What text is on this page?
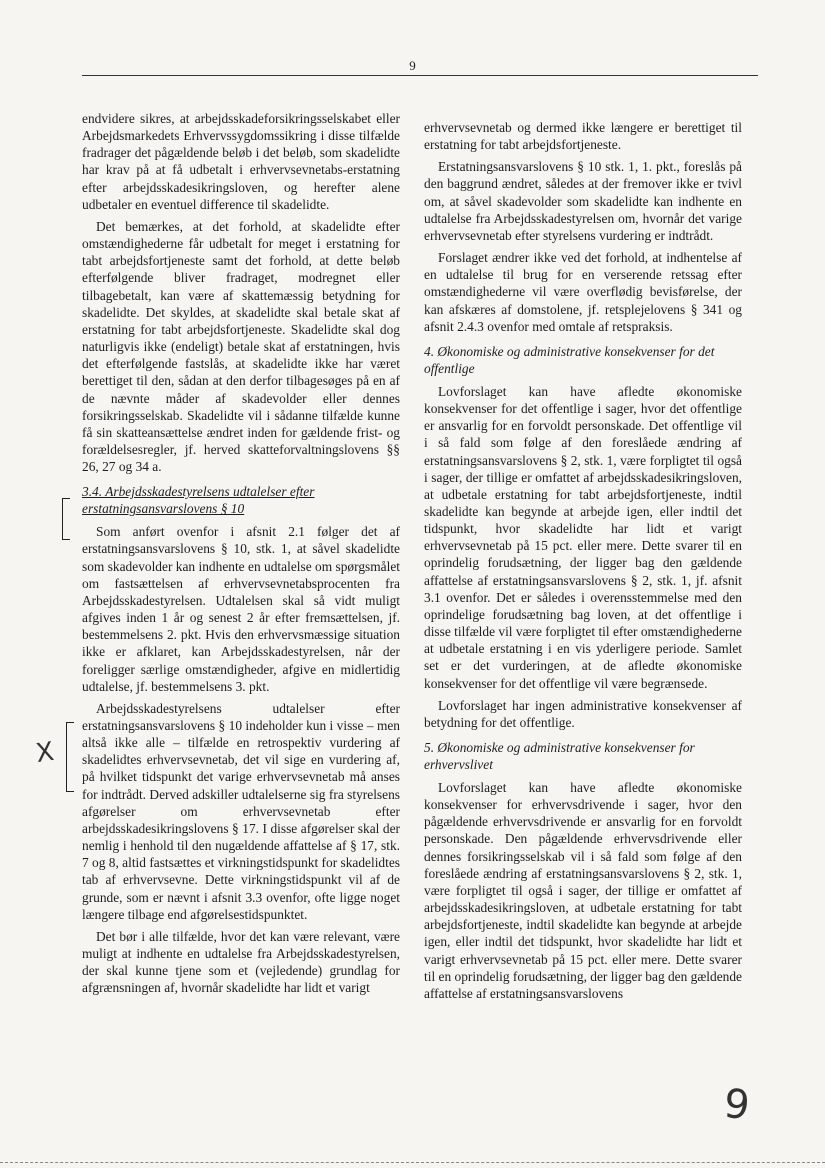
9

endvidere sikres, at arbejdsskadeforsikringsselskabet eller Arbejdsmarkedets Erhvervssygdomssikring i disse tilfælde fradrager det pågældende beløb i det beløb, som skadelidte har krav på at få udbetalt i erhvervsevnetabs-erstatning efter arbejdsskadesikringsloven, og herefter alene udbetaler en eventuel difference til skadelidte.

Det bemærkes, at det forhold, at skadelidte efter omstændighederne får udbetalt for meget i erstatning for tabt arbejdsfortjeneste samt det forhold, at dette beløb efterfølgende bliver fradraget, modregnet eller tilbagebetalt, kan være af skattemæssig betydning for skadelidte. Det skyldes, at skadelidte skal betale skat af erstatning for tabt arbejdsfortjeneste. Skadelidte skal dog naturligvis ikke (endeligt) betale skat af erstatningen, hvis det efterfølgende fastslås, at skadelidte ikke har været berettiget til den, sådan at den derfor tilbagesøges på en af de nævnte måder af skadevolder eller dennes forsikringsselskab. Skadelidte vil i sådanne tilfælde kunne få sin skatteansættelse ændret inden for gældende frist- og forældelsesregler, jf. herved skatteforvaltningslovens §§ 26, 27 og 34 a.

3.4. Arbejdsskadestyrelsens udtalelser efter erstatningsansvarslovens § 10

Som anført ovenfor i afsnit 2.1 følger det af erstatningsansvarslovens § 10, stk. 1, at såvel skadelidte som skadevolder kan indhente en udtalelse om spørgsmålet om fastsættelsen af erhvervsevnetabsprocenten fra Arbejdsskadestyrelsen. Udtalelsen skal så vidt muligt afgives inden 1 år og senest 2 år efter fremsættelsen, jf. bestemmelsens 2. pkt. Hvis den erhvervsmæssige situation ikke er afklaret, kan Arbejdsskadestyrelsen, når der foreligger særlige omstændigheder, afgive en midlertidig udtalelse, jf. bestemmelsens 3. pkt.

Arbejdsskadestyrelsens udtalelser efter erstatningsansvarslovens § 10 indeholder kun i visse – men altså ikke alle – tilfælde en retrospektiv vurdering af skadelidtes erhvervsevnetab, det vil sige en vurdering af, på hvilket tidspunkt det varige erhvervsevnetab må anses for indtrådt. Derved adskiller udtalelserne sig fra styrelsens afgørelser om erhvervsevnetab efter arbejdsskadesikringslovens § 17. I disse afgørelser skal der nemlig i henhold til den nugældende affattelse af § 17, stk. 7 og 8, altid fastsættes et virkningstidspunkt for skadelidtes tab af erhvervsevne. Dette virkningstidspunkt vil af de grunde, som er nævnt i afsnit 3.3 ovenfor, ofte ligge noget længere tilbage end afgørelsestidspunktet.

Det bør i alle tilfælde, hvor det kan være relevant, være muligt at indhente en udtalelse fra Arbejdsskadestyrelsen, der skal kunne tjene som et (vejledende) grundlag for afgrænsningen af, hvornår skadelidte har lidt et varigt

erhvervsevnetab og dermed ikke længere er berettiget til erstatning for tabt arbejdsfortjeneste.

Erstatningsansvarslovens § 10 stk. 1, 1. pkt., foreslås på den baggrund ændret, således at der fremover ikke er tvivl om, at såvel skadevolder som skadelidte kan indhente en udtalelse fra Arbejdsskadestyrelsen om, hvornår det varige erhvervsevnetab efter styrelsens vurdering er indtrådt.

Forslaget ændrer ikke ved det forhold, at indhentelse af en udtalelse til brug for en verserende retssag efter omstændighederne vil være overflødig bevisførelse, der kan afskæres af domstolene, jf. retsplejelovens § 341 og afsnit 2.4.3 ovenfor med omtale af retspraksis.

4. Økonomiske og administrative konsekvenser for det offentlige

Lovforslaget kan have afledte økonomiske konsekvenser for det offentlige i sager, hvor det offentlige er ansvarlig for en forvoldt personskade. Det offentlige vil i så fald som følge af den foreslåede ændring af erstatningsansvarslovens § 2, stk. 1, være forpligtet til også i sager, der tillige er omfattet af arbejdsskadesikringsloven, at udbetale erstatning for tabt arbejdsfortjeneste, indtil skadelidte kan begynde at arbejde igen, eller indtil det tidspunkt, hvor skadelidte har lidt et varigt erhvervsevnetab på 15 pct. eller mere. Dette svarer til en oprindelig forudsætning, der ligger bag den gældende affattelse af erstatningsansvarslovens § 2, stk. 1, jf. afsnit 3.1 ovenfor. Det er således i overensstemmelse med den oprindelige forudsætning bag loven, at det offentlige i disse tilfælde vil være forpligtet til efter omstændighederne at udbetale erstatning i en vis yderligere periode. Samlet set er det vurderingen, at de afledte økonomiske konsekvenser for det offentlige vil være begrænsede.

Lovforslaget har ingen administrative konsekvenser af betydning for det offentlige.

5. Økonomiske og administrative konsekvenser for erhvervslivet

Lovforslaget kan have afledte økonomiske konsekvenser for erhvervsdrivende i sager, hvor den pågældende erhvervsdrivende er ansvarlig for en forvoldt personskade. Den pågældende erhvervsdrivende eller dennes forsikringsselskab vil i så fald som følge af den foreslåede ændring af erstatningsansvarslovens § 2, stk. 1, være forpligtet til også i sager, der tillige er omfattet af arbejdsskadesikringsloven, at udbetale erstatning for tabt arbejdsfortjeneste, indtil skadelidte kan begynde at arbejde igen, eller indtil det tidspunkt, hvor skadelidte har lidt et varigt erhvervsevnetab på 15 pct. eller mere. Dette svarer til en oprindelig forudsætning, der ligger bag den gældende affattelse af erstatningsansvarslovens

Χ
9
